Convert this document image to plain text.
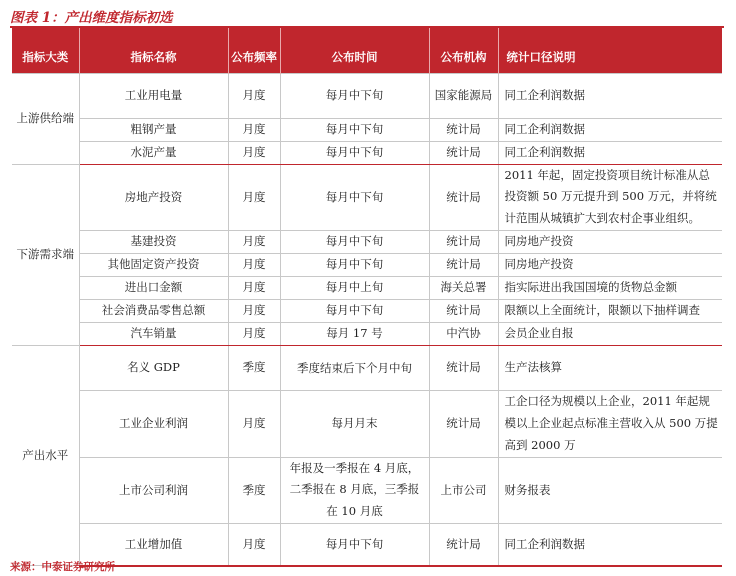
图表 1：产出维度指标初选
指标大类	指标名称	公布频率	公布时间	公布机构	统计口径说明
上游供给端	工业用电量	月度	每月中下旬	国家能源局	同工企利润数据
	粗钢产量	月度	每月中下旬	统计局	同工企利润数据
	水泥产量	月度	每月中下旬	统计局	同工企利润数据
下游需求端	房地产投资	月度	每月中下旬	统计局	2011 年起，固定投资项目统计标准从总投资额 50 万元提升到 500 万元，并将统计范围从城镇扩大到农村企事业组织。
	基建投资	月度	每月中下旬	统计局	同房地产投资
	其他固定资产投资	月度	每月中下旬	统计局	同房地产投资
	进出口金额	月度	每月中上旬	海关总署	指实际进出我国国境的货物总金额
	社会消费品零售总额	月度	每月中下旬	统计局	限额以上全面统计，限额以下抽样调查
	汽车销量	月度	每月 17 号	中汽协	会员企业自报
产出水平	名义 GDP	季度	季度结束后下个月中旬	统计局	生产法核算
	工业企业利润	月度	每月月末	统计局	工企口径为规模以上企业，2011 年起规模以上企业起点标准主营收入从 500 万提高到 2000 万
	上市公司利润	季度	年报及一季报在 4 月底，二季报在 8 月底，三季报在 10 月底	上市公司	财务报表
	工业增加值	月度	每月中下旬	统计局	同工企利润数据
来源：中泰证券研究所
